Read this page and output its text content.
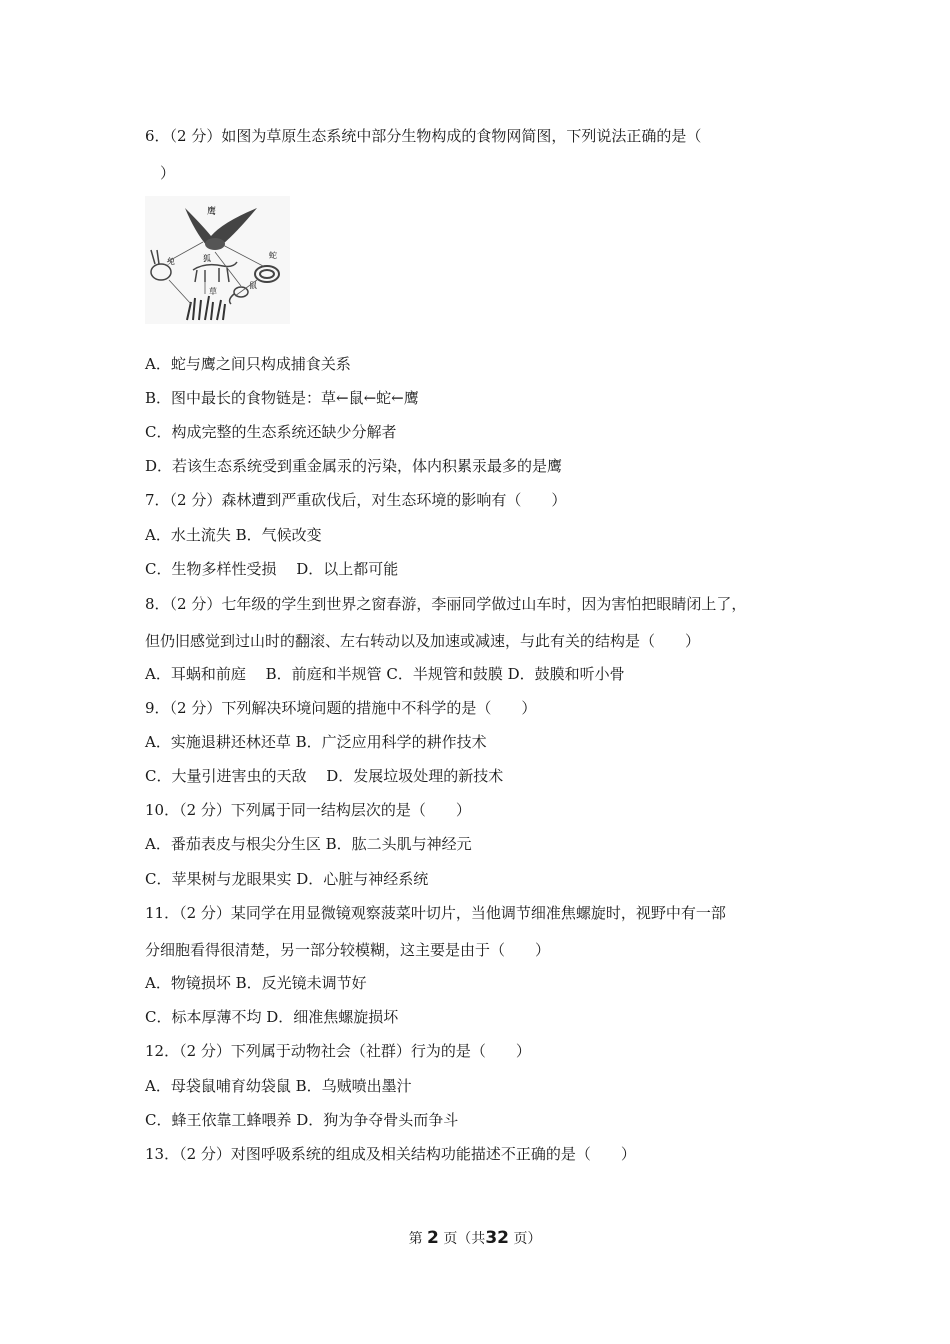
6．（2 分）如图为草原生态系统中部分生物构成的食物网简图，下列说法正确的是（
）
鹰
兔	狐	蛇
鼠
草
A．蛇与鹰之间只构成捕食关系
B．图中最长的食物链是：草←鼠←蛇←鹰
C．构成完整的生态系统还缺少分解者
D．若该生态系统受到重金属汞的污染，体内积累汞最多的是鹰
7．（2 分）森林遭到严重砍伐后，对生态环境的影响有（　　）
A．水土流失 B．气候改变
C．生物多样性受损　 D．以上都可能
8．（2 分）七年级的学生到世界之窗春游，李丽同学做过山车时，因为害怕把眼睛闭上了，
但仍旧感觉到过山时的翻滚、左右转动以及加速或减速，与此有关的结构是（　　）
A．耳蜗和前庭　 B．前庭和半规管 C．半规管和鼓膜 D．鼓膜和听小骨
9．（2 分）下列解决环境问题的措施中不科学的是（　　）
A．实施退耕还林还草 B．广泛应用科学的耕作技术
C．大量引进害虫的天敌　 D．发展垃圾处理的新技术
10．（2 分）下列属于同一结构层次的是（　　）
A．番茄表皮与根尖分生区 B．肱二头肌与神经元
C．苹果树与龙眼果实 D．心脏与神经系统
11．（2 分）某同学在用显微镜观察菠菜叶切片，当他调节细准焦螺旋时，视野中有一部
分细胞看得很清楚，另一部分较模糊，这主要是由于（　　）
A．物镜损坏 B．反光镜未调节好
C．标本厚薄不均 D．细准焦螺旋损坏
12．（2 分）下列属于动物社会（社群）行为的是（　　）
A．母袋鼠哺育幼袋鼠 B．乌贼喷出墨汁
C．蜂王依靠工蜂喂养 D．狗为争夺骨头而争斗
13．（2 分）对图呼吸系统的组成及相关结构功能描述不正确的是（　　）
第 2 页（共32 页）
